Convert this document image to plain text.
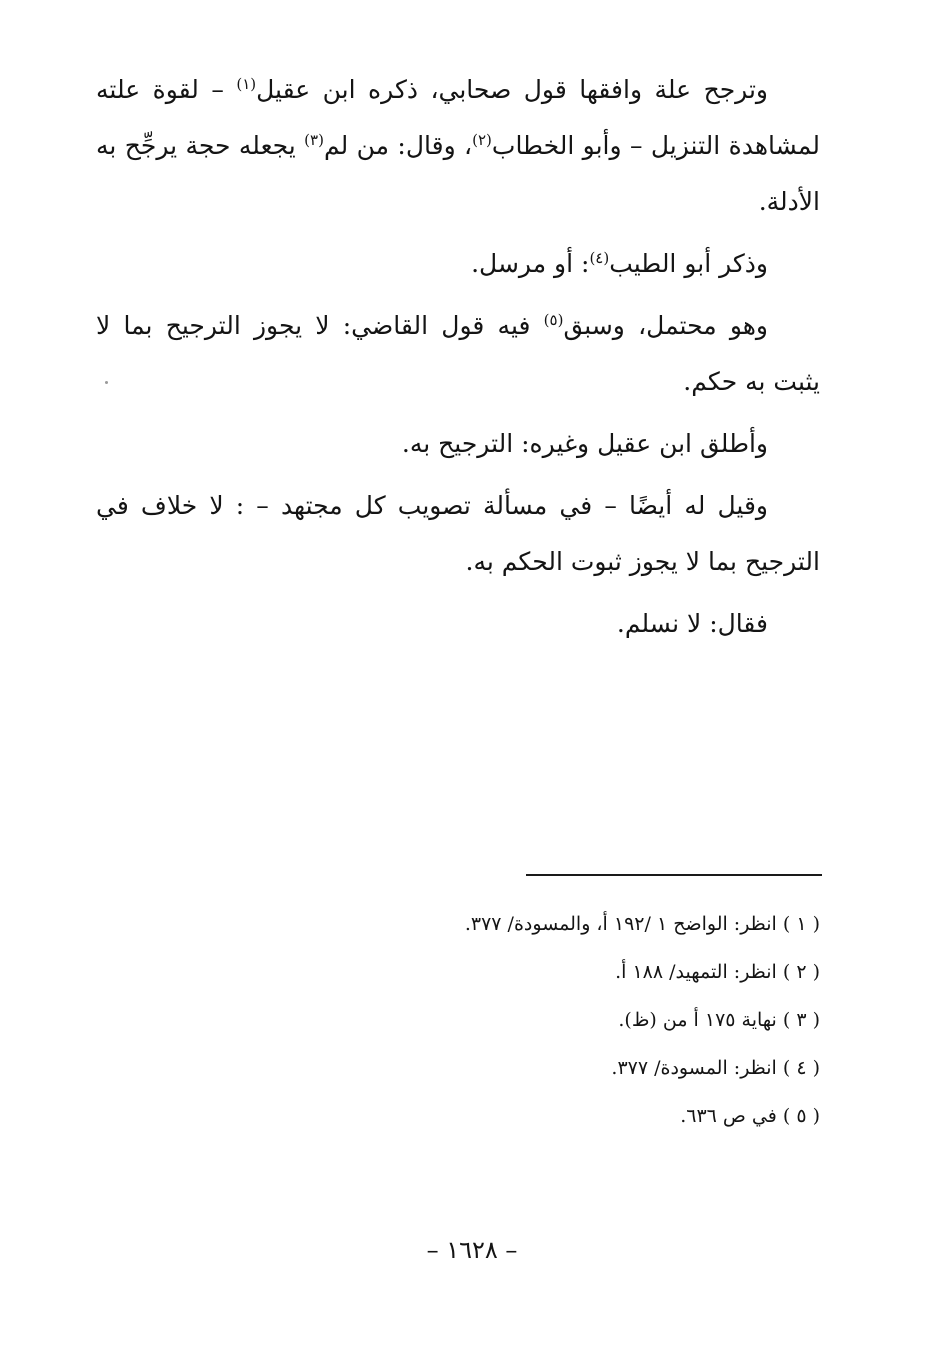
وترجح علة وافقها قول صحابي، ذكره ابن عقيل$^{(١)}$ – لقوة علته لمشاهدة التنزيل – وأبو الخطاب$^{(٢)}$، وقال: من لم$^{(٣)}$ يجعله حجة يرجِّح به الأدلة.

وذكر أبو الطيب$^{(٤)}$: أو مرسل.

وهو محتمل، وسبق$^{(٥)}$ فيه قول القاضي: لا يجوز الترجيح بما لا يثبت به حكم.

وأطلق ابن عقيل وغيره: الترجيح به.

وقيل له أيضًا – في مسألة تصويب كل مجتهد – : لا خلاف في الترجيح بما لا يجوز ثبوت الحكم به.

فقال: لا نسلم.

( ١ ) انظر: الواضح ١ /١٩٢ أ، والمسودة/ ٣٧٧.
( ٢ ) انظر: التمهيد/ ١٨٨ أ.
( ٣ ) نهاية ١٧٥ أ من (ظ).
( ٤ ) انظر: المسودة/ ٣٧٧.
( ٥ ) في ص ٦٣٦.
– ١٦٢٨ –
